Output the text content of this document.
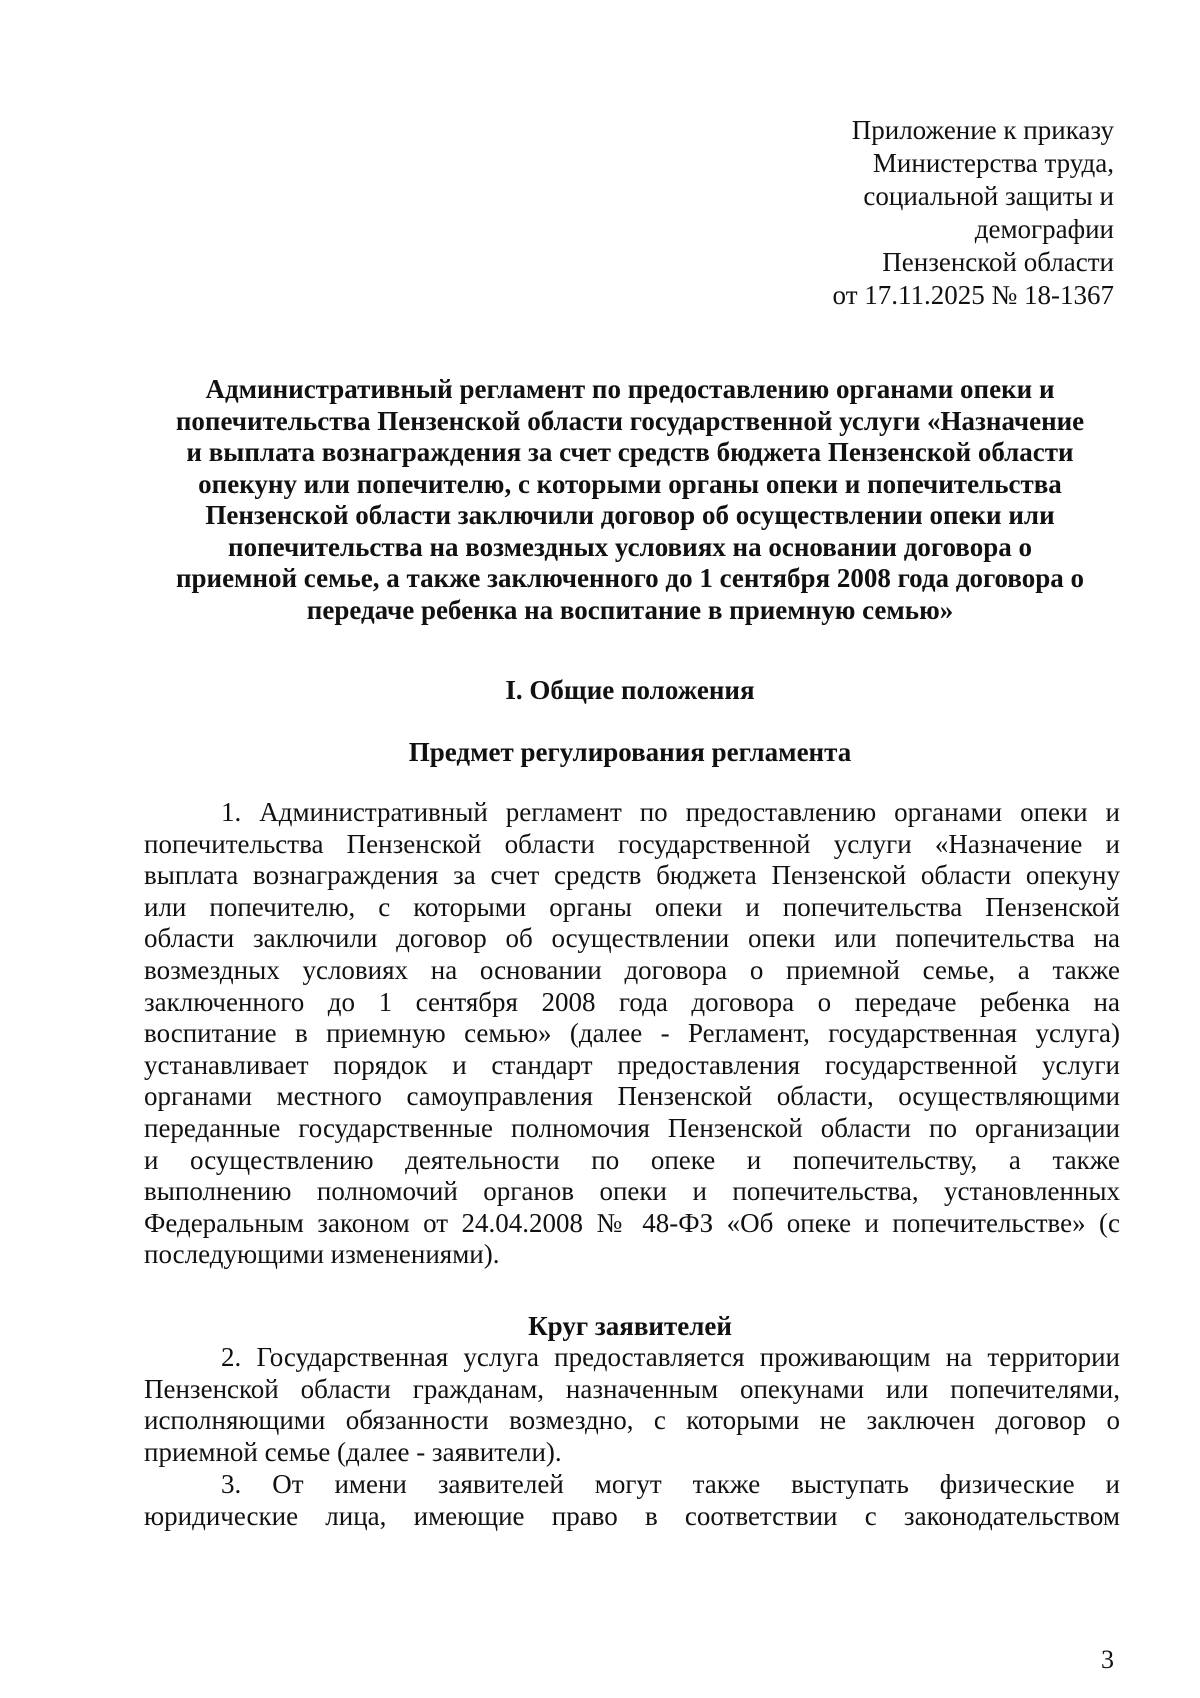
Приложение к приказу
Министерства труда,
социальной защиты и
демографии
Пензенской области
от 17.11.2025 № 18-1367
Административный регламент по предоставлению органами опеки и
попечительства Пензенской области государственной услуги «Назначение
и выплата вознаграждения за счет средств бюджета Пензенской области
опекуну или попечителю, с которыми органы опеки и попечительства
Пензенской области заключили договор об осуществлении опеки или
попечительства на возмездных условиях на основании договора о
приемной семье, а также заключенного до 1 сентября 2008 года договора о
передаче ребенка на воспитание в приемную семью»
I. Общие положения
Предмет регулирования регламента
1. Административный регламент по предоставлению органами опеки и
попечительства Пензенской области государственной услуги «Назначение и
выплата вознаграждения за счет средств бюджета Пензенской области опекуну
или попечителю, с которыми органы опеки и попечительства Пензенской
области заключили договор об осуществлении опеки или попечительства на
возмездных условиях на основании договора о приемной семье, а также
заключенного до 1 сентября 2008 года договора о передаче ребенка на
воспитание в приемную семью» (далее - Регламент, государственная услуга)
устанавливает порядок и стандарт предоставления государственной услуги
органами местного самоуправления Пензенской области, осуществляющими
переданные государственные полномочия Пензенской области по организации
и осуществлению деятельности по опеке и попечительству, а также
выполнению полномочий органов опеки и попечительства, установленных
Федеральным законом от 24.04.2008 № 48-ФЗ «Об опеке и попечительстве» (с
последующими изменениями).
Круг заявителей
2. Государственная услуга предоставляется проживающим на территории
Пензенской области гражданам, назначенным опекунами или попечителями,
исполняющими обязанности возмездно, с которыми не заключен договор о
приемной семье (далее - заявители).
3. От имени заявителей могут также выступать физические и
юридические лица, имеющие право в соответствии с законодательством
3
